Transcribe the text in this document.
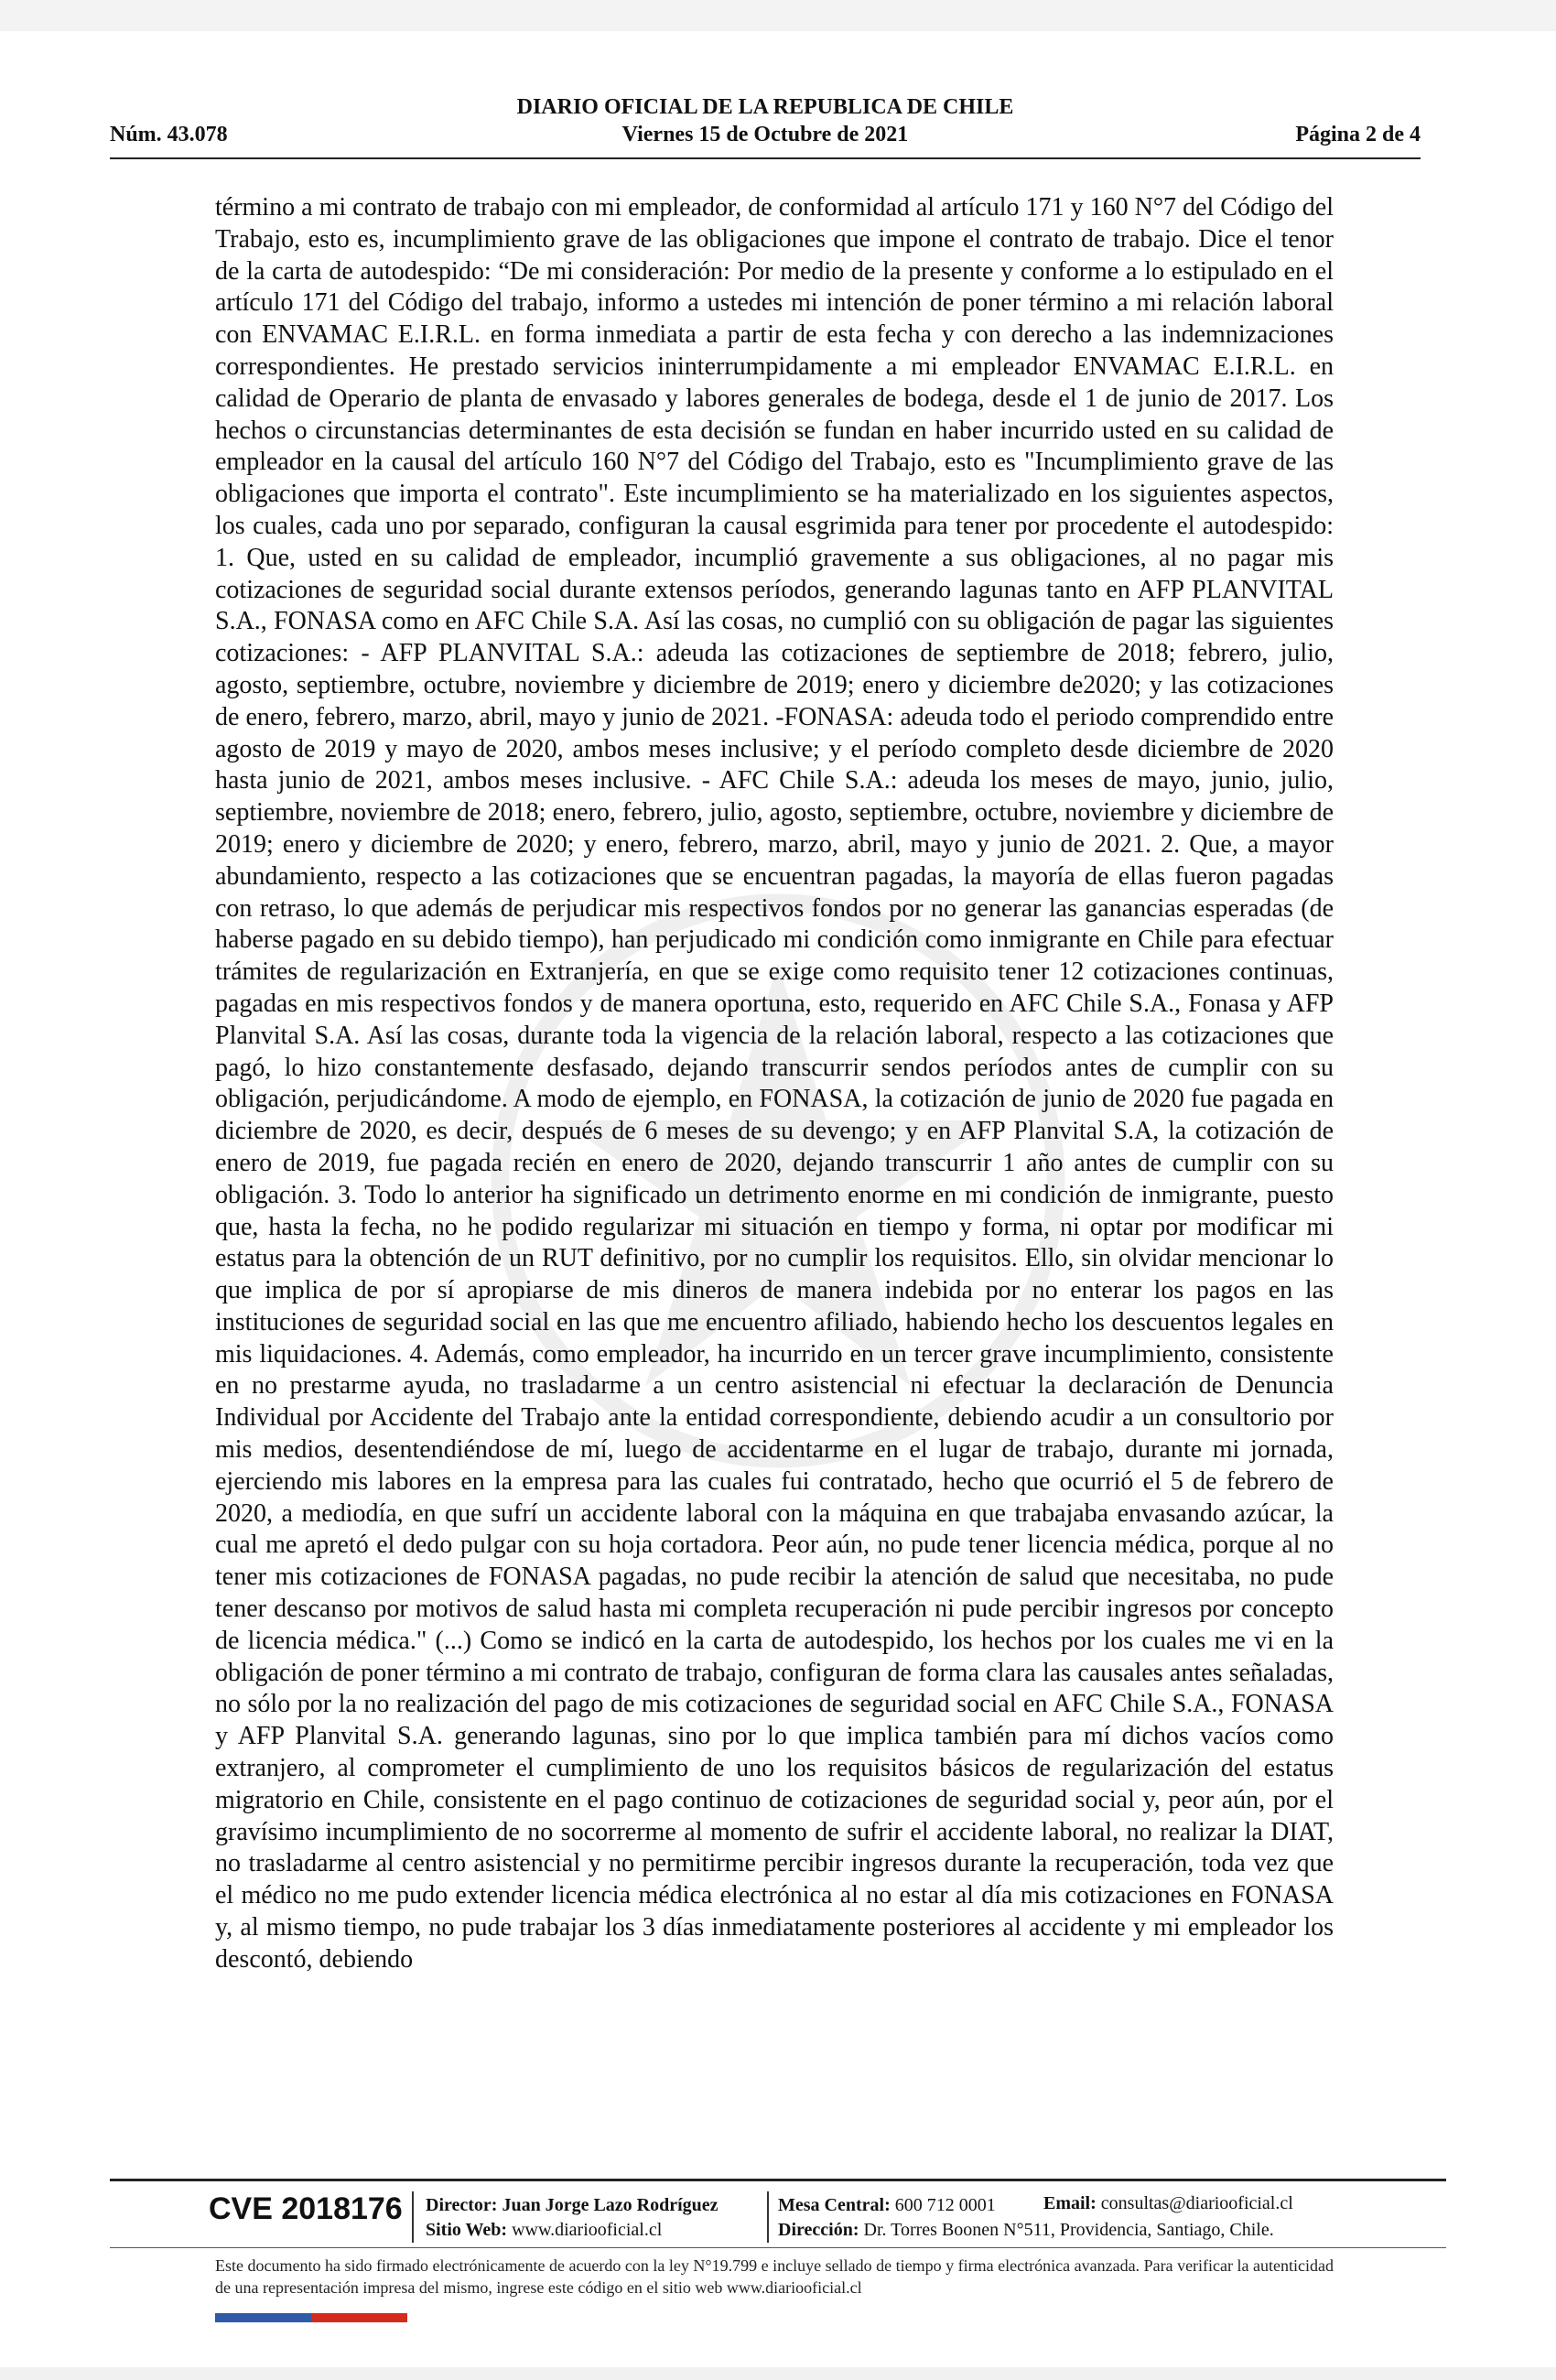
DIARIO OFICIAL DE LA REPUBLICA DE CHILE
Núm. 43.078	Viernes 15 de Octubre de 2021	Página 2 de 4
término a mi contrato de trabajo con mi empleador, de conformidad al artículo 171 y 160 N°7 del Código del Trabajo, esto es, incumplimiento grave de las obligaciones que impone el contrato de trabajo. Dice el tenor de la carta de autodespido: “De mi consideración: Por medio de la presente y conforme a lo estipulado en el artículo 171 del Código del trabajo, informo a ustedes mi intención de poner término a mi relación laboral con ENVAMAC E.I.R.L. en forma inmediata a partir de esta fecha y con derecho a las indemnizaciones correspondientes. He prestado servicios ininterrumpidamente a mi empleador ENVAMAC E.I.R.L. en calidad de Operario de planta de envasado y labores generales de bodega, desde el 1 de junio de 2017. Los hechos o circunstancias determinantes de esta decisión se fundan en haber incurrido usted en su calidad de empleador en la causal del artículo 160 N°7 del Código del Trabajo, esto es "Incumplimiento grave de las obligaciones que importa el contrato". Este incumplimiento se ha materializado en los siguientes aspectos, los cuales, cada uno por separado, configuran la causal esgrimida para tener por procedente el autodespido: 1. Que, usted en su calidad de empleador, incumplió gravemente a sus obligaciones, al no pagar mis cotizaciones de seguridad social durante extensos períodos, generando lagunas tanto en AFP PLANVITAL S.A., FONASA como en AFC Chile S.A. Así las cosas, no cumplió con su obligación de pagar las siguientes cotizaciones: - AFP PLANVITAL S.A.: adeuda las cotizaciones de septiembre de 2018; febrero, julio, agosto, septiembre, octubre, noviembre y diciembre de 2019; enero y diciembre de2020; y las cotizaciones de enero, febrero, marzo, abril, mayo y junio de 2021. -FONASA: adeuda todo el periodo comprendido entre agosto de 2019 y mayo de 2020, ambos meses inclusive; y el período completo desde diciembre de 2020 hasta junio de 2021, ambos meses inclusive. - AFC Chile S.A.: adeuda los meses de mayo, junio, julio, septiembre, noviembre de 2018; enero, febrero, julio, agosto, septiembre, octubre, noviembre y diciembre de 2019; enero y diciembre de 2020; y enero, febrero, marzo, abril, mayo y junio de 2021. 2. Que, a mayor abundamiento, respecto a las cotizaciones que se encuentran pagadas, la mayoría de ellas fueron pagadas con retraso, lo que además de perjudicar mis respectivos fondos por no generar las ganancias esperadas (de haberse pagado en su debido tiempo), han perjudicado mi condición como inmigrante en Chile para efectuar trámites de regularización en Extranjería, en que se exige como requisito tener 12 cotizaciones continuas, pagadas en mis respectivos fondos y de manera oportuna, esto, requerido en AFC Chile S.A., Fonasa y AFP Planvital S.A. Así las cosas, durante toda la vigencia de la relación laboral, respecto a las cotizaciones que pagó, lo hizo constantemente desfasado, dejando transcurrir sendos períodos antes de cumplir con su obligación, perjudicándome. A modo de ejemplo, en FONASA, la cotización de junio de 2020 fue pagada en diciembre de 2020, es decir, después de 6 meses de su devengo; y en AFP Planvital S.A, la cotización de enero de 2019, fue pagada recién en enero de 2020, dejando transcurrir 1 año antes de cumplir con su obligación. 3. Todo lo anterior ha significado un detrimento enorme en mi condición de inmigrante, puesto que, hasta la fecha, no he podido regularizar mi situación en tiempo y forma, ni optar por modificar mi estatus para la obtención de un RUT definitivo, por no cumplir los requisitos. Ello, sin olvidar mencionar lo que implica de por sí apropiarse de mis dineros de manera indebida por no enterar los pagos en las instituciones de seguridad social en las que me encuentro afiliado, habiendo hecho los descuentos legales en mis liquidaciones. 4. Además, como empleador, ha incurrido en un tercer grave incumplimiento, consistente en no prestarme ayuda, no trasladarme a un centro asistencial ni efectuar la declaración de Denuncia Individual por Accidente del Trabajo ante la entidad correspondiente, debiendo acudir a un consultorio por mis medios, desentendiéndose de mí, luego de accidentarme en el lugar de trabajo, durante mi jornada, ejerciendo mis labores en la empresa para las cuales fui contratado, hecho que ocurrió el 5 de febrero de 2020, a mediodía, en que sufrí un accidente laboral con la máquina en que trabajaba envasando azúcar, la cual me apretó el dedo pulgar con su hoja cortadora. Peor aún, no pude tener licencia médica, porque al no tener mis cotizaciones de FONASA pagadas, no pude recibir la atención de salud que necesitaba, no pude tener descanso por motivos de salud hasta mi completa recuperación ni pude percibir ingresos por concepto de licencia médica." (...) Como se indicó en la carta de autodespido, los hechos por los cuales me vi en la obligación de poner término a mi contrato de trabajo, configuran de forma clara las causales antes señaladas, no sólo por la no realización del pago de mis cotizaciones de seguridad social en AFC Chile S.A., FONASA y AFP Planvital S.A. generando lagunas, sino por lo que implica también para mí dichos vacíos como extranjero, al comprometer el cumplimiento de uno los requisitos básicos de regularización del estatus migratorio en Chile, consistente en el pago continuo de cotizaciones de seguridad social y, peor aún, por el gravísimo incumplimiento de no socorrerme al momento de sufrir el accidente laboral, no realizar la DIAT, no trasladarme al centro asistencial y no permitirme percibir ingresos durante la recuperación, toda vez que el médico no me pudo extender licencia médica electrónica al no estar al día mis cotizaciones en FONASA y, al mismo tiempo, no pude trabajar los 3 días inmediatamente posteriores al accidente y mi empleador los descontó, debiendo
CVE 2018176 Director: Juan Jorge Lazo Rodríguez
Sitio Web: www.diariooficial.cl
Mesa Central: 600 712 0001
Dirección: Dr. Torres Boonen N°511, Providencia, Santiago, Chile.
Email: consultas@diariooficial.cl
Este documento ha sido firmado electrónicamente de acuerdo con la ley N°19.799 e incluye sellado de tiempo y firma electrónica avanzada. Para verificar la autenticidad de una representación impresa del mismo, ingrese este código en el sitio web www.diariooficial.cl
